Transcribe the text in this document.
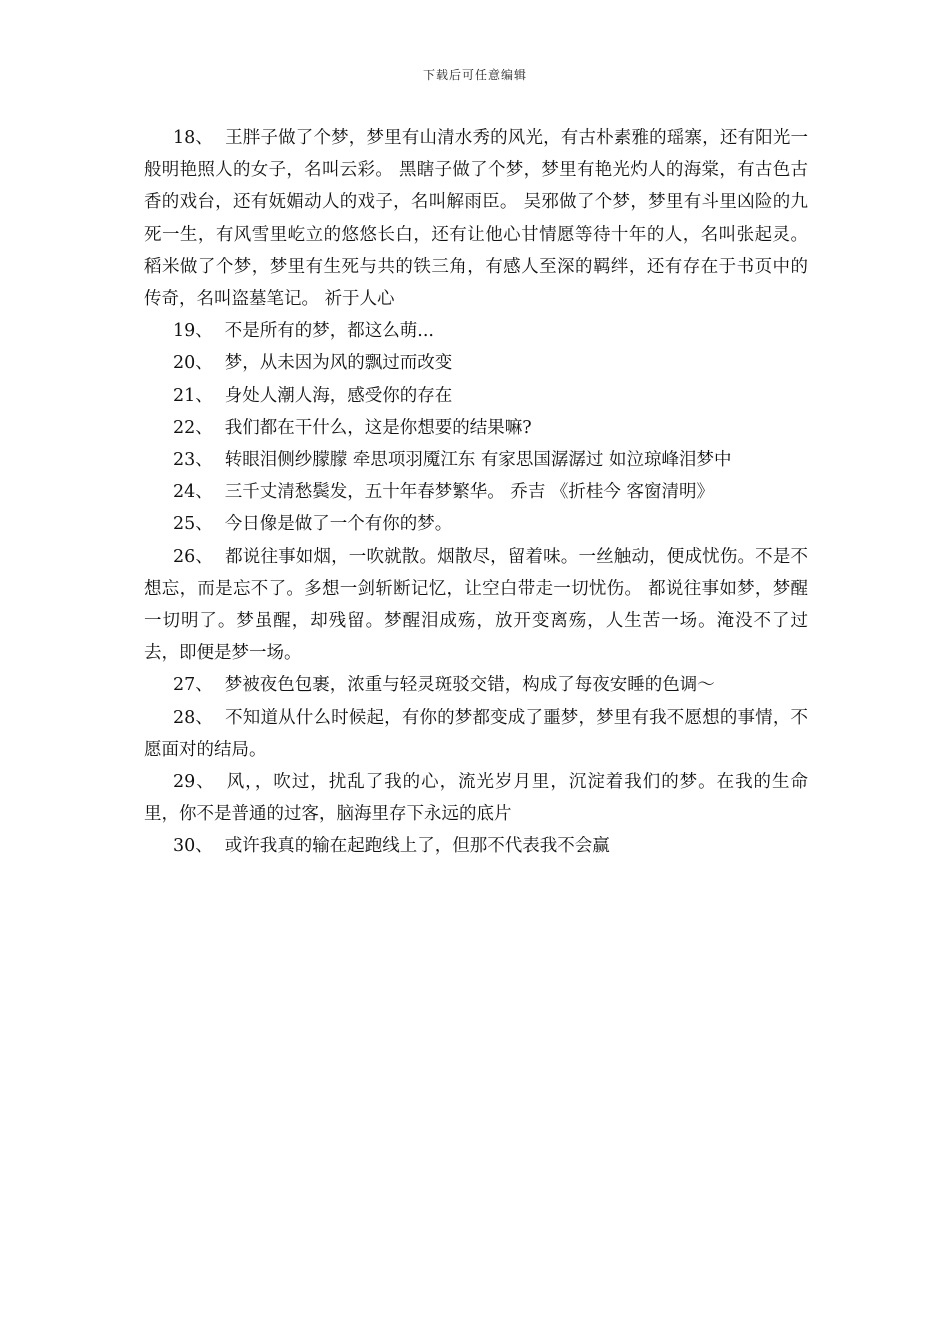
下载后可任意编辑

18、 王胖子做了个梦，梦里有山清水秀的风光，有古朴素雅的瑶寨，还有阳光一般明艳照人的女子，名叫云彩。 黑瞎子做了个梦，梦里有艳光灼人的海棠，有古色古香的戏台，还有妩媚动人的戏子，名叫解雨臣。 吴邪做了个梦，梦里有斗里凶险的九死一生，有风雪里屹立的悠悠长白，还有让他心甘情愿等待十年的人，名叫张起灵。 稻米做了个梦，梦里有生死与共的铁三角，有感人至深的羁绊，还有存在于书页中的传奇，名叫盗墓笔记。 祈于人心

19、 不是所有的梦，都这么萌...

20、 梦，从未因为风的飘过而改变

21、 身处人潮人海，感受你的存在

22、 我们都在干什么，这是你想要的结果嘛?

23、 转眼泪侧纱朦朦 牵思项羽魇江东 有家思国潺潺过 如泣琼峰泪梦中

24、 三千丈清愁鬓发，五十年春梦繁华。 乔吉 《折桂今 客窗清明》

25、 今日像是做了一个有你的梦。

26、 都说往事如烟，一吹就散。烟散尽，留着味。一丝触动，便成忧伤。不是不想忘，而是忘不了。多想一剑斩断记忆，让空白带走一切忧伤。 都说往事如梦，梦醒一切明了。梦虽醒，却残留。梦醒泪成殇，放开变离殇，人生苦一场。淹没不了过去，即便是梦一场。

27、 梦被夜色包裹，浓重与轻灵斑驳交错，构成了每夜安睡的色调～

28、 不知道从什么时候起，有你的梦都变成了噩梦，梦里有我不愿想的事情，不愿面对的结局。

29、 风，，吹过，扰乱了我的心，流光岁月里，沉淀着我们的梦。在我的生命里，你不是普通的过客，脑海里存下永远的底片

30、 或许我真的输在起跑线上了，但那不代表我不会赢
